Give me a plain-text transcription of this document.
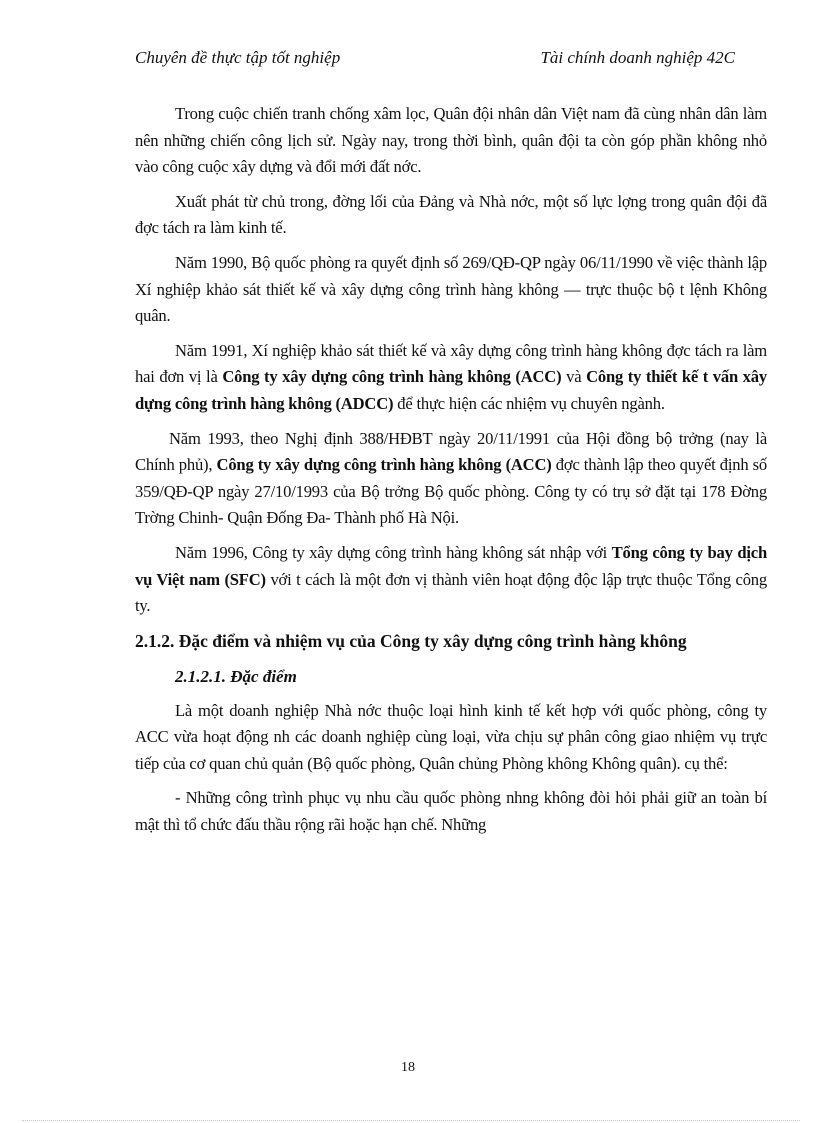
Chuyên đề thực tập tốt nghiệp	Tài chính doanh nghiệp 42C

Trong cuộc chiến tranh chống xâm lọc, Quân đội nhân dân Việt nam đã cùng nhân dân làm nên những chiến công lịch sử. Ngày nay, trong thời bình, quân đội ta còn góp phần không nhỏ vào công cuộc xây dựng và đổi mới đất nớc.

Xuất phát từ chủ trong, đờng lối của Đảng và Nhà nớc, một số lực lợng trong quân đội đã đợc tách ra làm kinh tế.

Năm 1990, Bộ quốc phòng ra quyết định số 269/QĐ-QP ngày 06/11/1990 về việc thành lập Xí nghiệp khảo sát thiết kế và xây dựng công trình hàng không — trực thuộc bộ t lệnh Không quân.

Năm 1991, Xí nghiệp khảo sát thiết kế và xây dựng công trình hàng không đợc tách ra làm hai đơn vị là Công ty xây dựng công trình hàng không (ACC) và Công ty thiết kế t vấn xây dựng công trình hàng không (ADCC) để thực hiện các nhiệm vụ chuyên ngành.

Năm 1993, theo Nghị định 388/HĐBT ngày 20/11/1991 của Hội đồng bộ trởng (nay là Chính phủ), Công ty xây dựng công trình hàng không (ACC) đợc thành lập theo quyết định số 359/QĐ-QP ngày 27/10/1993 của Bộ trởng Bộ quốc phòng. Công ty có trụ sở đặt tại 178 Đờng Trờng Chinh- Quận Đống Đa- Thành phố Hà Nội.

Năm 1996, Công ty xây dựng công trình hàng không sát nhập với Tổng công ty bay dịch vụ Việt nam (SFC) với t cách là một đơn vị thành viên hoạt động độc lập trực thuộc Tổng công ty.

2.1.2. Đặc điểm và nhiệm vụ của Công ty xây dựng công trình hàng không
2.1.2.1. Đặc điểm

Là một doanh nghiệp Nhà nớc thuộc loại hình kinh tế kết hợp với quốc phòng, công ty ACC vừa hoạt động nh các doanh nghiệp cùng loại, vừa chịu sự phân công giao nhiệm vụ trực tiếp của cơ quan chủ quản (Bộ quốc phòng, Quân chủng Phòng không Không quân). cụ thể:

- Những công trình phục vụ nhu cầu quốc phòng nhng không đòi hỏi phải giữ an toàn bí mật thì tổ chức đấu thầu rộng rãi hoặc hạn chế. Những

18
